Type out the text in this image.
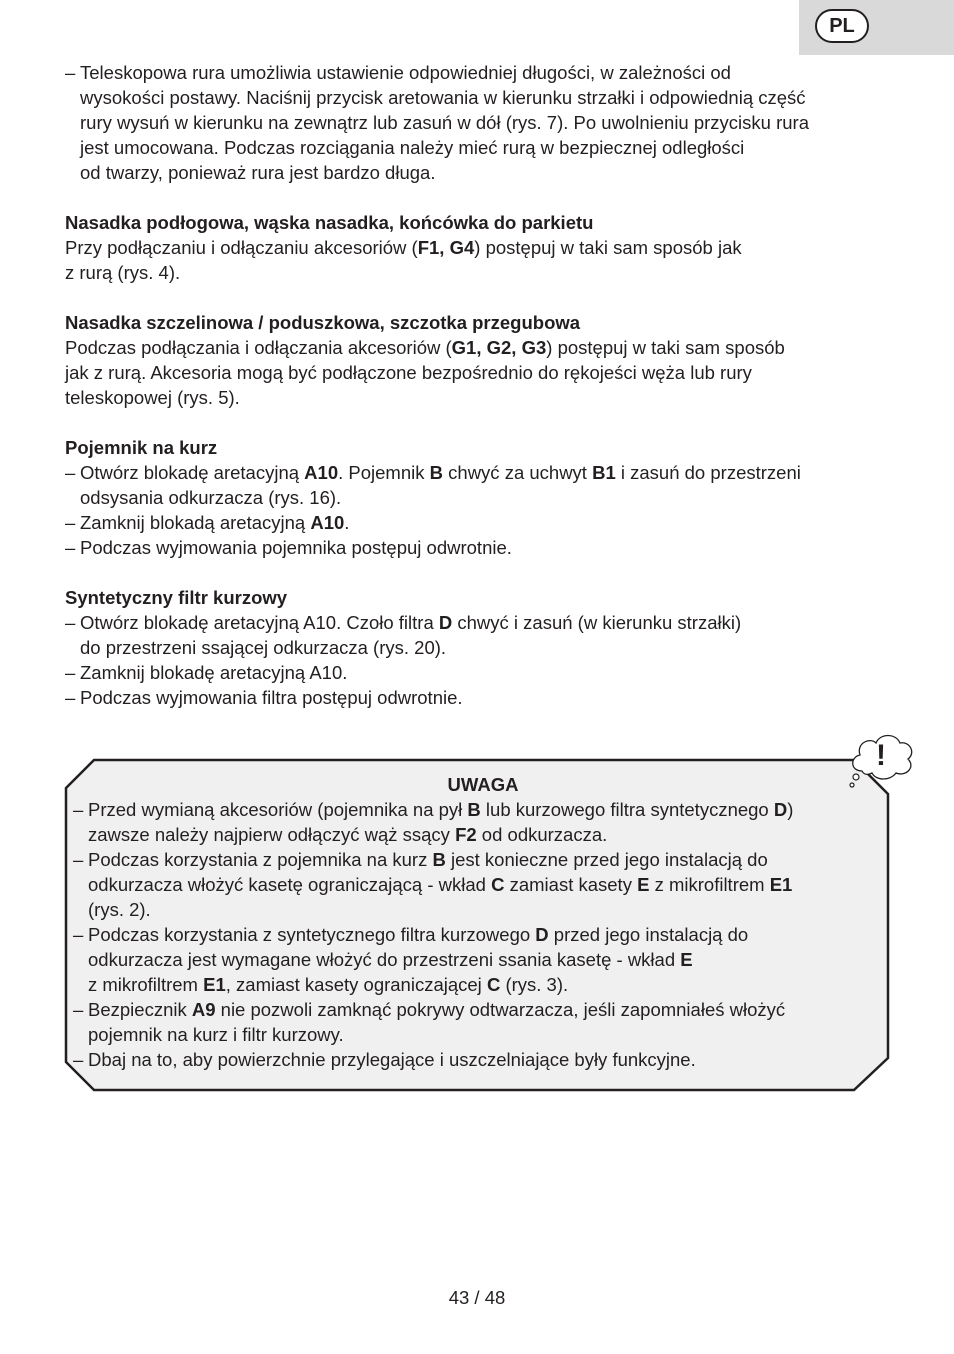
PL
– Teleskopowa rura umożliwia ustawienie odpowiedniej długości, w zależności od
wysokości postawy. Naciśnij przycisk aretowania w kierunku strzałki i odpowiednią część
rury wysuń w kierunku na zewnątrz lub zasuń w dół (rys. 7). Po uwolnieniu przycisku rura
jest umocowana. Podczas rozciągania należy mieć rurą w bezpiecznej odległości
od twarzy, ponieważ rura jest bardzo długa.
Nasadka podłogowa, wąska nasadka, końcówka do parkietu
Przy podłączaniu i odłączaniu akcesoriów (F1, G4) postępuj w taki sam sposób jak
z rurą (rys. 4).
Nasadka szczelinowa / poduszkowa, szczotka przegubowa
Podczas podłączania i odłączania akcesoriów (G1, G2, G3) postępuj w taki sam sposób
jak z rurą. Akcesoria mogą być podłączone bezpośrednio do rękojeści węża lub rury
teleskopowej (rys. 5).
Pojemnik na kurz
– Otwórz blokadę aretacyjną A10. Pojemnik B chwyć za uchwyt B1 i zasuń do przestrzeni
odsysania odkurzacza (rys. 16).
– Zamknij blokadą aretacyjną A10.
– Podczas wyjmowania pojemnika postępuj odwrotnie.
Syntetyczny filtr kurzowy
– Otwórz blokadę aretacyjną A10. Czoło filtra D chwyć i zasuń (w kierunku strzałki)
do przestrzeni ssającej odkurzacza (rys. 20).
– Zamknij blokadę aretacyjną A10.
– Podczas wyjmowania filtra postępuj odwrotnie.
UWAGA
– Przed wymianą akcesoriów (pojemnika na pył B lub kurzowego filtra syntetycznego D)
zawsze należy najpierw odłączyć wąż ssący F2 od odkurzacza.
– Podczas korzystania z pojemnika na kurz B jest konieczne przed jego instalacją do
odkurzacza włożyć kasetę ograniczającą - wkład C zamiast kasety E z mikrofiltrem E1
(rys. 2).
– Podczas korzystania z syntetycznego filtra kurzowego D przed jego instalacją do
odkurzacza jest wymagane włożyć do przestrzeni ssania kasetę - wkład E
z mikrofiltrem E1, zamiast kasety ograniczającej C (rys. 3).
– Bezpiecznik A9 nie pozwoli zamknąć pokrywy odtwarzacza, jeśli zapomniałeś włożyć
pojemnik na kurz i filtr kurzowy.
– Dbaj na to, aby powierzchnie przylegające i uszczelniające były funkcyjne.
!
43 / 48
